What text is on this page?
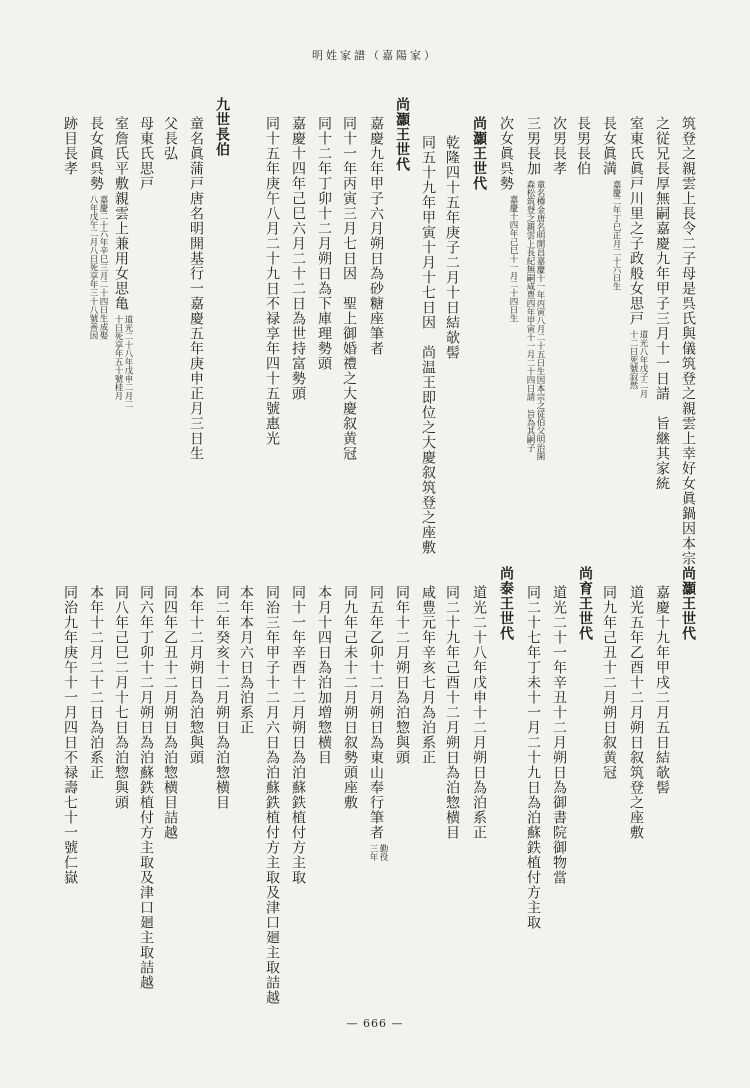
明姓家譜（嘉陽家）
筑登之親雲上長令二子母是呉氏與儀筑登之親雲上幸好女眞鍋因本宗
之従兄長厚無嗣嘉慶九年甲子三月十一日請　旨継其家統
室東氏眞戸川里之子政般女思戸
道光八年戊子二月
十二日死號寂然
長女眞満
嘉慶二年丁巳正月二十六日生
長男長伯
次男長孝
三男長加
童名樽金唐名明開昌嘉慶十一年丙寅八月二十五日生因本宗之従伯父明治開
森松筑登之親雲上長紀無嗣咸豊四年甲寅十一月二十四日請　旨為其嗣子
次女眞呉勢
嘉慶十四年己巳十一月二十四日生
尚灝王世代
乾隆四十五年庚子二月十日結欹髻
同五十九年甲寅十月十七日因　尚温王即位之大慶叙筑登之座敷
尚灝王世代
嘉慶九年甲子六月朔日為砂糖座筆者
同十一年丙寅三月七日因　聖上御婚禮之大慶叙黄冠
同十二年丁卯十二月朔日為下庫理勢頭
嘉慶十四年己巳六月二十二日為世持富勢頭
同十五年庚午八月二十九日不禄享年四十五號惠光
九世長伯
童名眞蒲戸唐名明開基行一嘉慶五年庚申正月三日生
父長弘
母東氏思戸
室詹氏平敷親雲上兼用女思亀
道光二十八年戊申二月二
十日死享年五十號桂月
長女眞呉勢
嘉慶二十六年辛巳三月二十四日生成娶
八年戊午二月八日死享年三十八號善因
跡目長孝
尚灝王世代
嘉慶十九年甲戌二月五日結欹髻
道光五年乙酉十二月朔日叙筑登之座敷
同九年己丑十二月朔日叙黄冠
尚育王世代
道光二十一年辛丑十二月朔日為御書院御物當
同二十七年丁未十一月二十九日為泊蘇鉄植付方主取
尚泰王世代
道光二十八年戊申十二月朔日為泊系正
同二十九年己酉十二月朔日為泊惣横目
咸豊元年辛亥七月為泊系正
同年十二月朔日為泊惣與頭
同五年乙卯十二月朔日為東山奉行筆者
勤役
三年
同九年己未十二月朔日叙勢頭座敷
本月十四日為泊加増惣横目
同十一年辛酉十二月朔日為泊蘇鉄植付方主取
同治三年甲子十二月六日為泊蘇鉄植付方主取及津口廻主取詰越
本年本月六日為泊系正
同二年癸亥十二月朔日為泊惣横目
本年十二月朔日為泊惣與頭
同四年乙丑十二月朔日為泊惣横目詰越
同六年丁卯十二月朔日為泊蘇鉄植付方主取及津口廻主取詰越
同八年己巳二月十七日為泊惣與頭
本年十二月二十二日為泊系正
同治九年庚午十一月四日不禄壽七十一號仁嶽
— 666 —
